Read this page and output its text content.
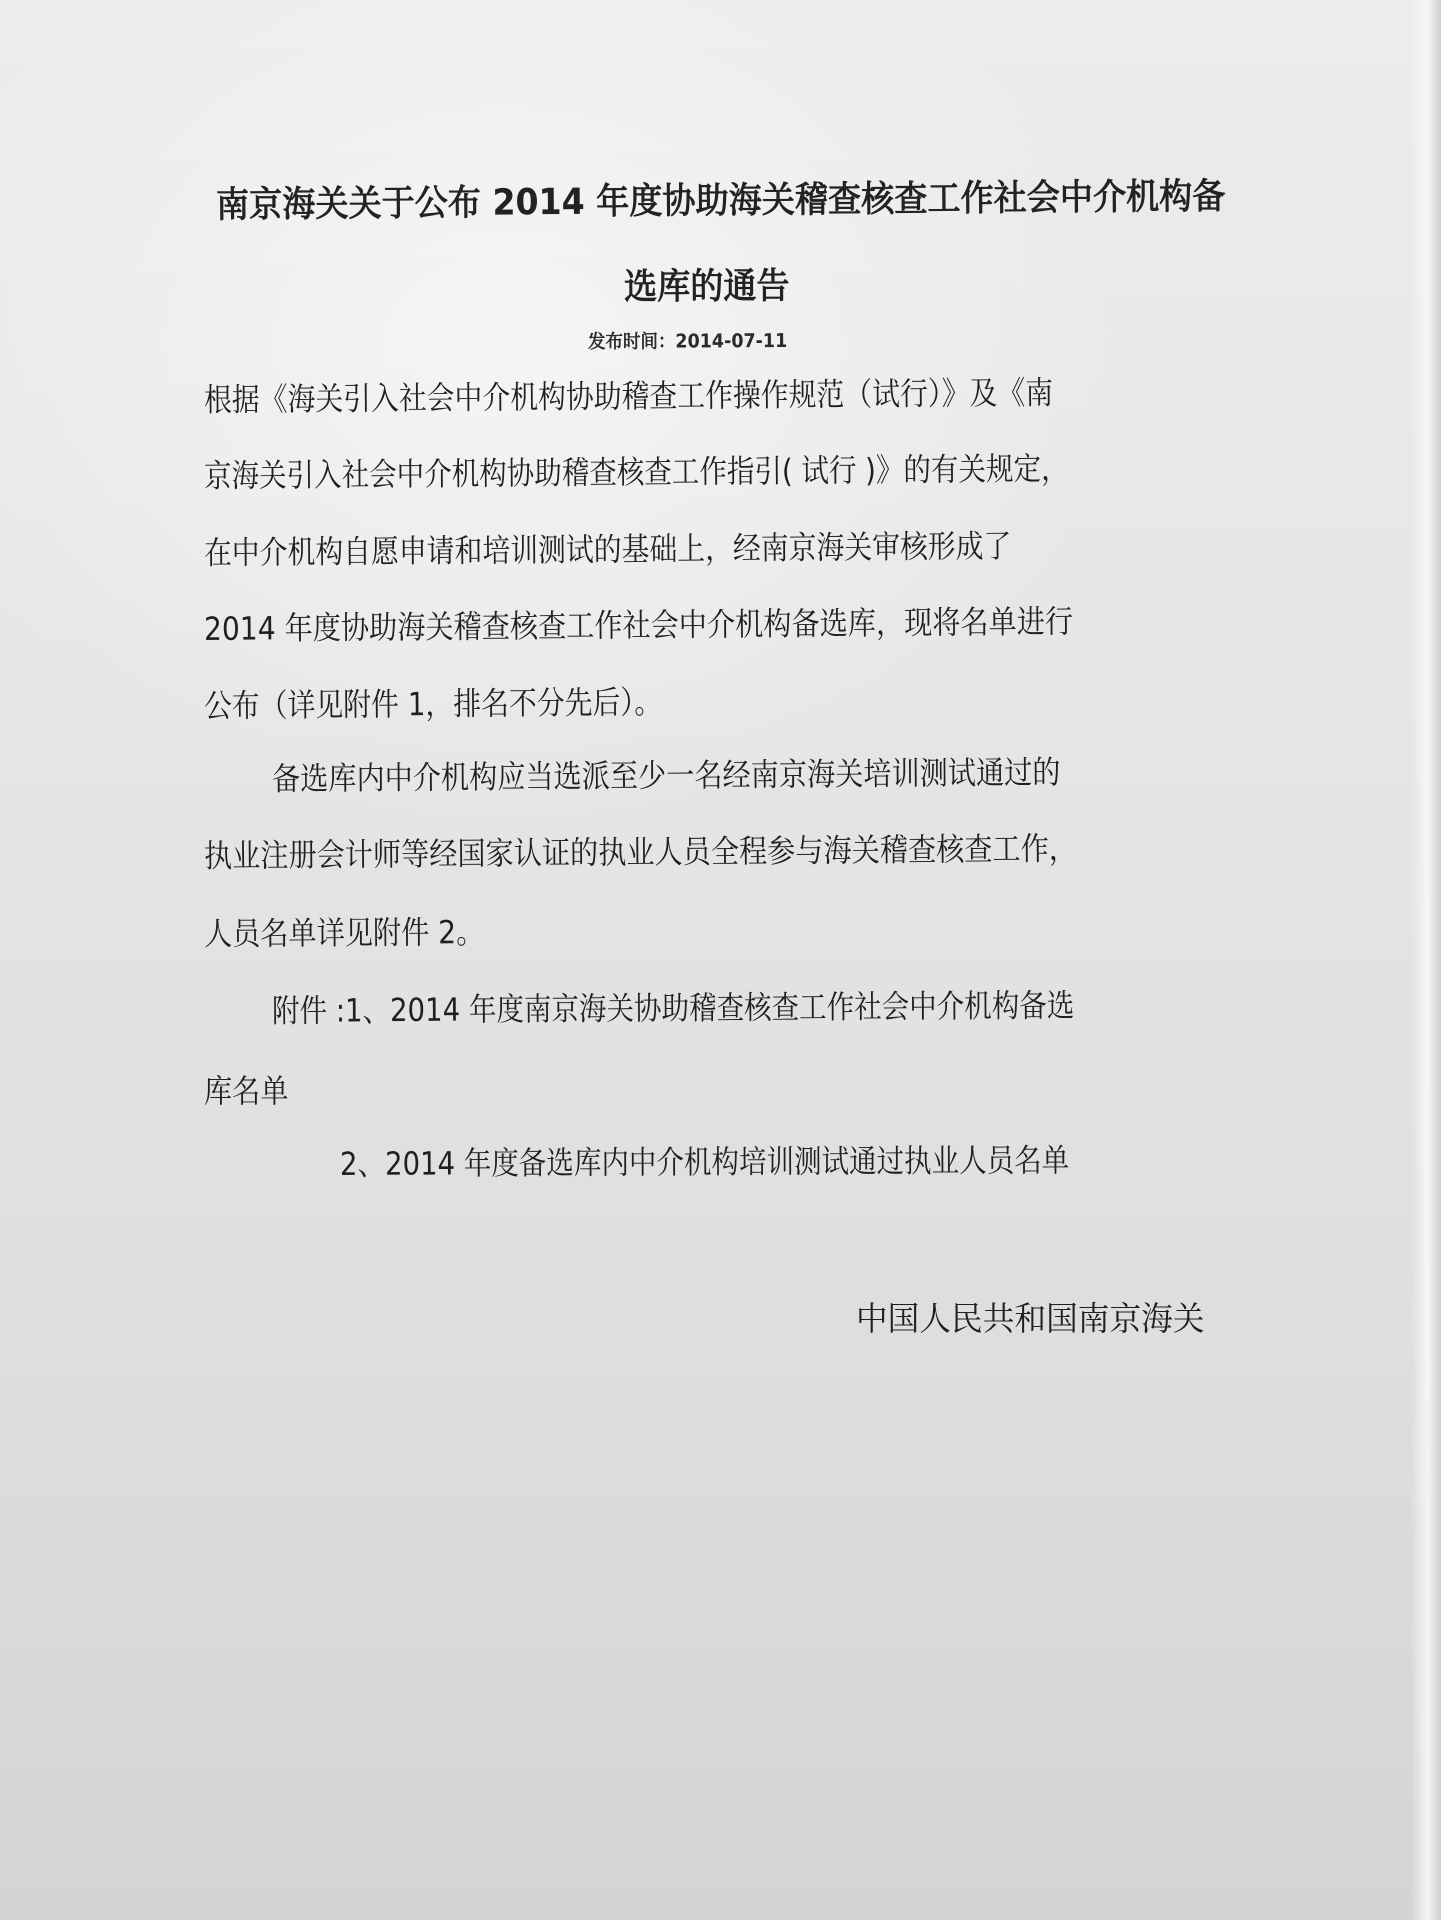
南京海关关于公布 2014 年度协助海关稽查核查工作社会中介机构备
选库的通告
发布时间：2014-07-11
根据《海关引入社会中介机构协助稽查工作操作规范（试行）》及《南
京海关引入社会中介机构协助稽查核查工作指引( 试行 )》的有关规定，
在中介机构自愿申请和培训测试的基础上，经南京海关审核形成了
2014 年度协助海关稽查核查工作社会中介机构备选库，现将名单进行
公布（详见附件 1，排名不分先后）。
备选库内中介机构应当选派至少一名经南京海关培训测试通过的
执业注册会计师等经国家认证的执业人员全程参与海关稽查核查工作，
人员名单详见附件 2。
附件 :1、2014 年度南京海关协助稽查核查工作社会中介机构备选
库名单
2、2014 年度备选库内中介机构培训测试通过执业人员名单
中国人民共和国南京海关
